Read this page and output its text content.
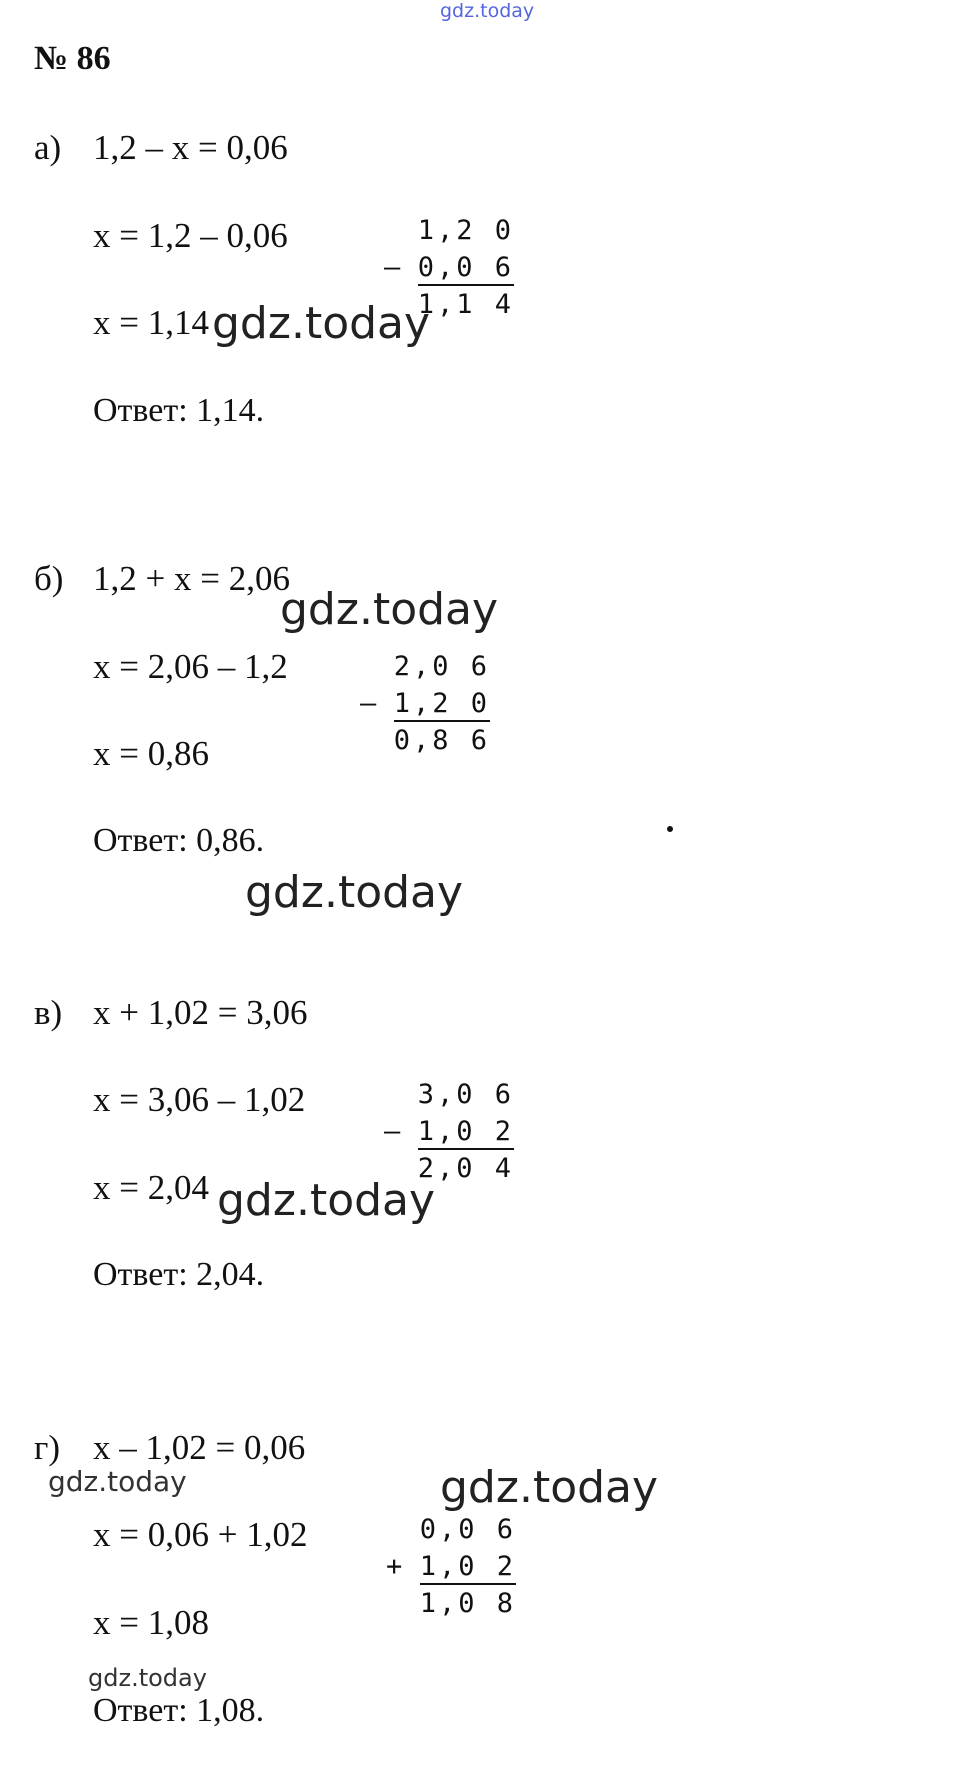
gdz.today
№ 86
а) 1,2 – x = 0,06
x = 1,2 – 0,06
x = 1,14
Ответ: 1,14.
1,2 0
– 0,0 6
1,1 4
б) 1,2 + x = 2,06
x = 2,06 – 1,2
x = 0,86
Ответ: 0,86.
2,0 6
– 1,2 0
0,8 6
в) x + 1,02 = 3,06
x = 3,06 – 1,02
x = 2,04
Ответ: 2,04.
3,0 6
– 1,0 2
2,0 4
г) x – 1,02 = 0,06
x = 0,06 + 1,02
x = 1,08
Ответ: 1,08.
0,0 6
+ 1,0 2
1,0 8
gdz.today
gdz.today
gdz.today
gdz.today
gdz.today
gdz.today
gdz.today
